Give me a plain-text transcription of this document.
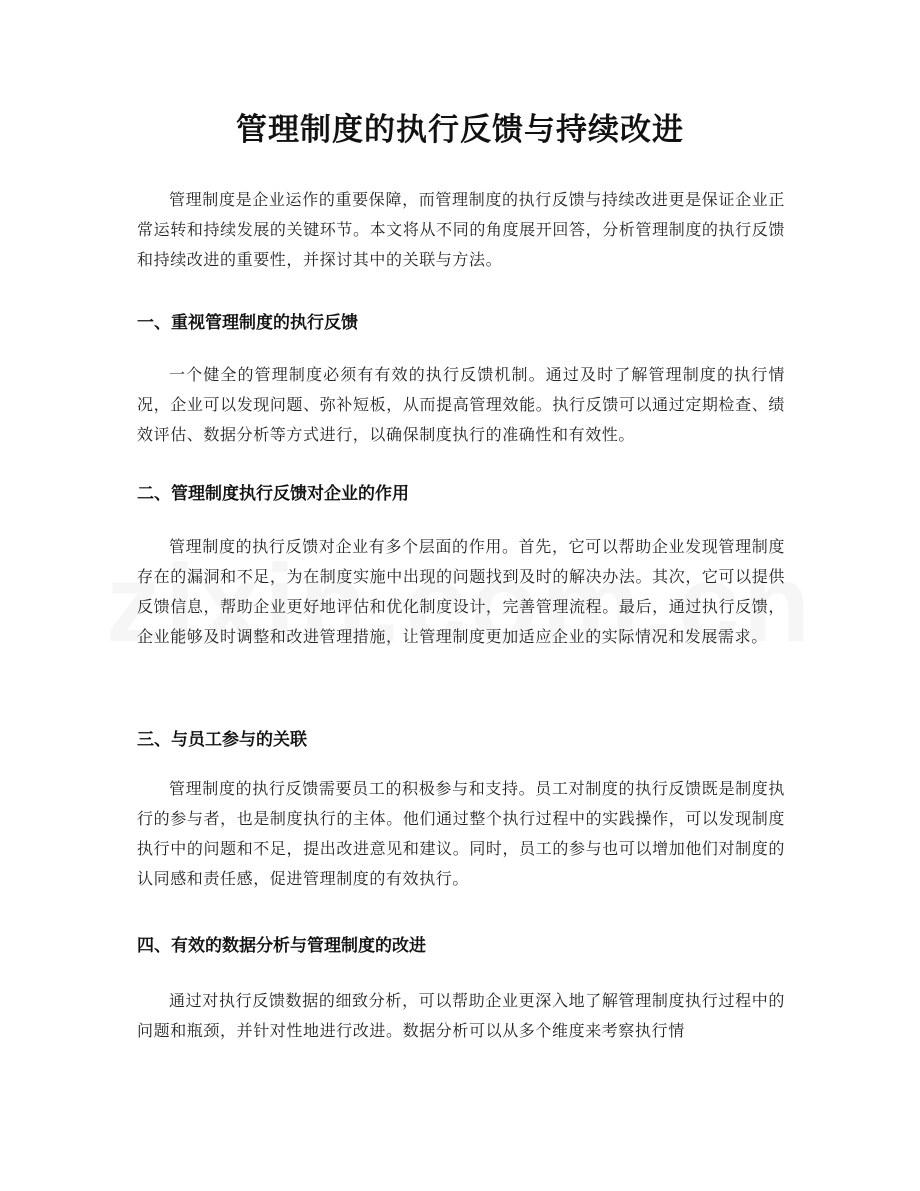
管理制度的执行反馈与持续改进

管理制度是企业运作的重要保障，而管理制度的执行反馈与持续改进更是保证企业正常运转和持续发展的关键环节。本文将从不同的角度展开回答，分析管理制度的执行反馈和持续改进的重要性，并探讨其中的关联与方法。

一、重视管理制度的执行反馈

一个健全的管理制度必须有有效的执行反馈机制。通过及时了解管理制度的执行情况，企业可以发现问题、弥补短板，从而提高管理效能。执行反馈可以通过定期检查、绩效评估、数据分析等方式进行，以确保制度执行的准确性和有效性。

二、管理制度执行反馈对企业的作用

管理制度的执行反馈对企业有多个层面的作用。首先，它可以帮助企业发现管理制度存在的漏洞和不足，为在制度实施中出现的问题找到及时的解决办法。其次，它可以提供反馈信息，帮助企业更好地评估和优化制度设计，完善管理流程。最后，通过执行反馈，企业能够及时调整和改进管理措施，让管理制度更加适应企业的实际情况和发展需求。

三、与员工参与的关联

管理制度的执行反馈需要员工的积极参与和支持。员工对制度的执行反馈既是制度执行的参与者，也是制度执行的主体。他们通过整个执行过程中的实践操作，可以发现制度执行中的问题和不足，提出改进意见和建议。同时，员工的参与也可以增加他们对制度的认同感和责任感，促进管理制度的有效执行。

四、有效的数据分析与管理制度的改进

通过对执行反馈数据的细致分析，可以帮助企业更深入地了解管理制度执行过程中的问题和瓶颈，并针对性地进行改进。数据分析可以从多个维度来考察执行情
